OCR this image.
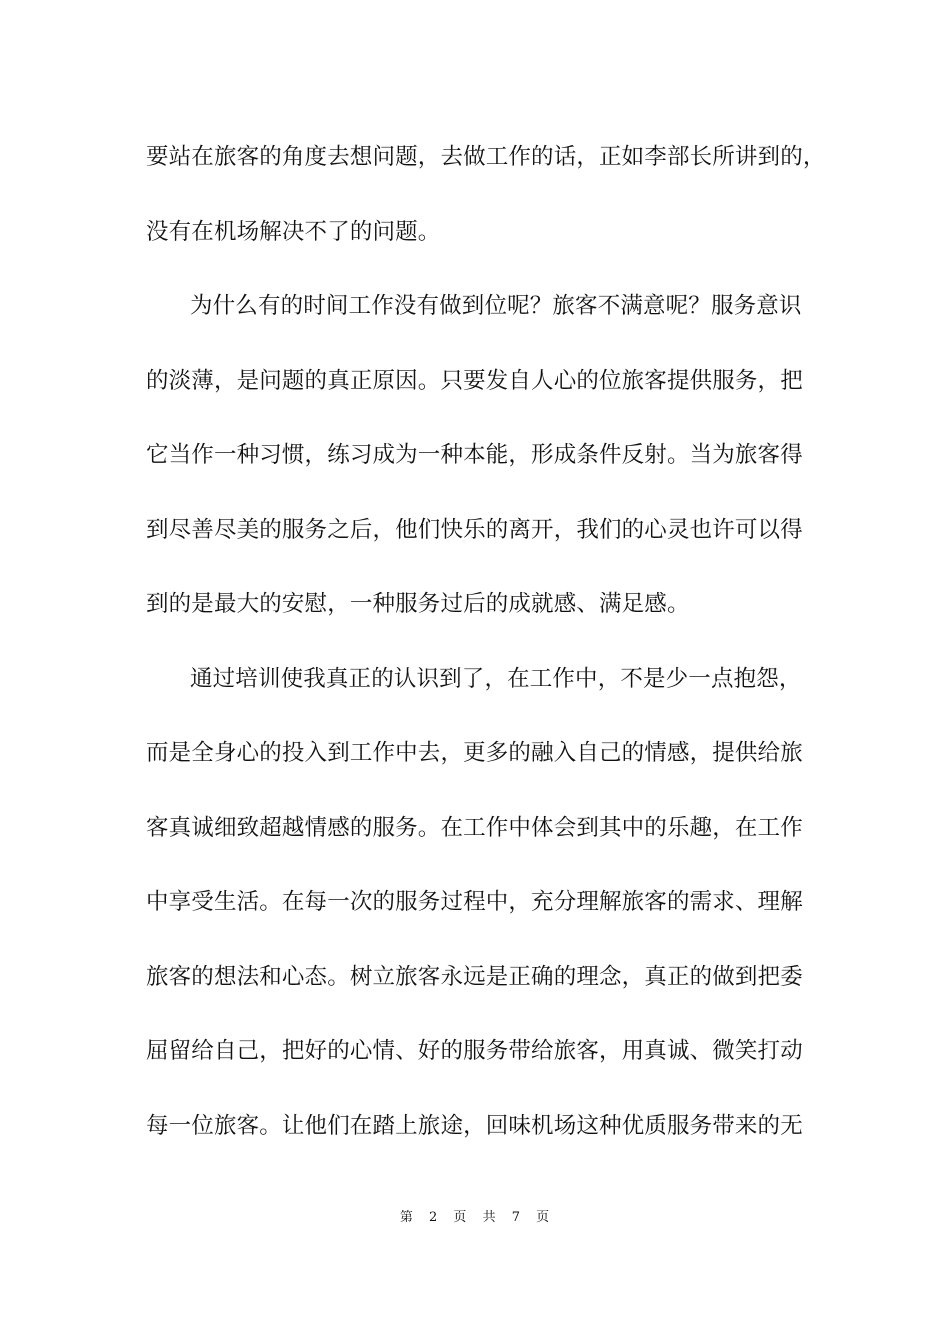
要站在旅客的角度去想问题，去做工作的话，正如李部长所讲到的，
没有在机场解决不了的问题。
为什么有的时间工作没有做到位呢？旅客不满意呢？服务意识
的淡薄，是问题的真正原因。只要发自人心的位旅客提供服务，把
它当作一种习惯，练习成为一种本能，形成条件反射。当为旅客得
到尽善尽美的服务之后，他们快乐的离开，我们的心灵也许可以得
到的是最大的安慰，一种服务过后的成就感、满足感。
通过培训使我真正的认识到了，在工作中，不是少一点抱怨，
而是全身心的投入到工作中去，更多的融入自己的情感，提供给旅
客真诚细致超越情感的服务。在工作中体会到其中的乐趣，在工作
中享受生活。在每一次的服务过程中，充分理解旅客的需求、理解
旅客的想法和心态。树立旅客永远是正确的理念，真正的做到把委
屈留给自己，把好的心情、好的服务带给旅客，用真诚、微笑打动
每一位旅客。让他们在踏上旅途，回味机场这种优质服务带来的无
第 2 页 共 7 页
